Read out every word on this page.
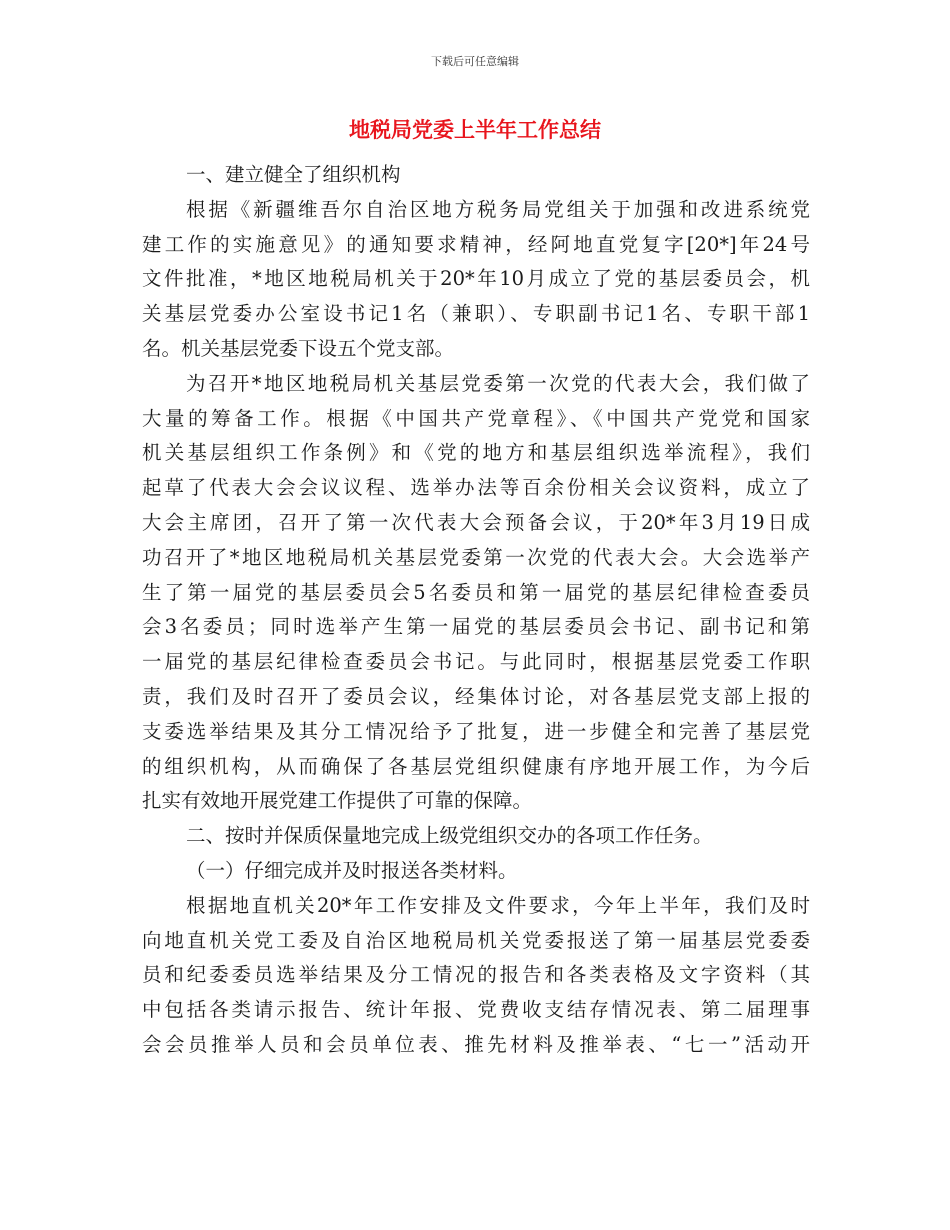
下载后可任意编辑
地税局党委上半年工作总结
一、建立健全了组织机构
根据《新疆维吾尔自治区地方税务局党组关于加强和改进系统党
建工作的实施意见》的通知要求精神，经阿地直党复字[20*]年24号
文件批准，*地区地税局机关于20*年10月成立了党的基层委员会，机
关基层党委办公室设书记1名（兼职）、专职副书记1名、专职干部1
名。机关基层党委下设五个党支部。
为召开*地区地税局机关基层党委第一次党的代表大会，我们做了
大量的筹备工作。根据《中国共产党章程》、《中国共产党党和国家
机关基层组织工作条例》和《党的地方和基层组织选举流程》，我们
起草了代表大会会议议程、选举办法等百余份相关会议资料，成立了
大会主席团，召开了第一次代表大会预备会议，于20*年3月19日成
功召开了*地区地税局机关基层党委第一次党的代表大会。大会选举产
生了第一届党的基层委员会5名委员和第一届党的基层纪律检查委员
会3名委员；同时选举产生第一届党的基层委员会书记、副书记和第
一届党的基层纪律检查委员会书记。与此同时，根据基层党委工作职
责，我们及时召开了委员会议，经集体讨论，对各基层党支部上报的
支委选举结果及其分工情况给予了批复，进一步健全和完善了基层党
的组织机构，从而确保了各基层党组织健康有序地开展工作，为今后
扎实有效地开展党建工作提供了可靠的保障。
二、按时并保质保量地完成上级党组织交办的各项工作任务。
（一）仔细完成并及时报送各类材料。
根据地直机关20*年工作安排及文件要求，今年上半年，我们及时
向地直机关党工委及自治区地税局机关党委报送了第一届基层党委委
员和纪委委员选举结果及分工情况的报告和各类表格及文字资料（其
中包括各类请示报告、统计年报、党费收支结存情况表、第二届理事
会会员推举人员和会员单位表、推先材料及推举表、“七一”活动开
